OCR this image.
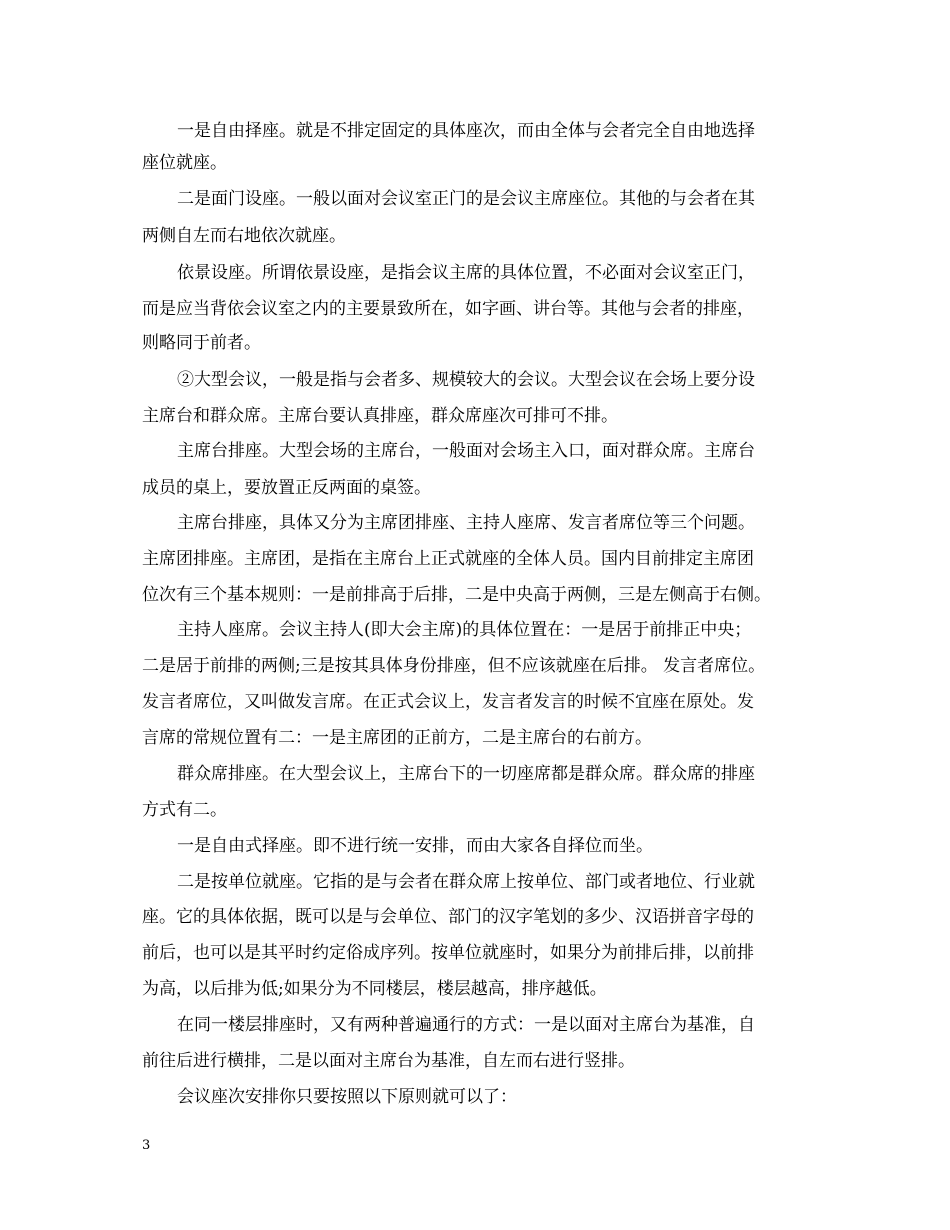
一是自由择座。就是不排定固定的具体座次，而由全体与会者完全自由地选择
座位就座。
二是面门设座。一般以面对会议室正门的是会议主席座位。其他的与会者在其
两侧自左而右地依次就座。
依景设座。所谓依景设座，是指会议主席的具体位置，不必面对会议室正门，
而是应当背依会议室之内的主要景致所在，如字画、讲台等。其他与会者的排座，
则略同于前者。
②大型会议，一般是指与会者多、规模较大的会议。大型会议在会场上要分设
主席台和群众席。主席台要认真排座，群众席座次可排可不排。
主席台排座。大型会场的主席台，一般面对会场主入口，面对群众席。主席台
成员的桌上，要放置正反两面的桌签。
主席台排座，具体又分为主席团排座、主持人座席、发言者席位等三个问题。
主席团排座。主席团，是指在主席台上正式就座的全体人员。国内目前排定主席团
位次有三个基本规则：一是前排高于后排，二是中央高于两侧，三是左侧高于右侧。
主持人座席。会议主持人(即大会主席)的具体位置在：一是居于前排正中央；
二是居于前排的两侧;三是按其具体身份排座，但不应该就座在后排。 发言者席位。
发言者席位，又叫做发言席。在正式会议上，发言者发言的时候不宜座在原处。发
言席的常规位置有二：一是主席团的正前方，二是主席台的右前方。
群众席排座。在大型会议上，主席台下的一切座席都是群众席。群众席的排座
方式有二。
一是自由式择座。即不进行统一安排，而由大家各自择位而坐。
二是按单位就座。它指的是与会者在群众席上按单位、部门或者地位、行业就
座。它的具体依据，既可以是与会单位、部门的汉字笔划的多少、汉语拼音字母的
前后，也可以是其平时约定俗成序列。按单位就座时，如果分为前排后排，以前排
为高，以后排为低;如果分为不同楼层，楼层越高，排序越低。
在同一楼层排座时，又有两种普遍通行的方式：一是以面对主席台为基准，自
前往后进行横排，二是以面对主席台为基准，自左而右进行竖排。
会议座次安排你只要按照以下原则就可以了：
3
